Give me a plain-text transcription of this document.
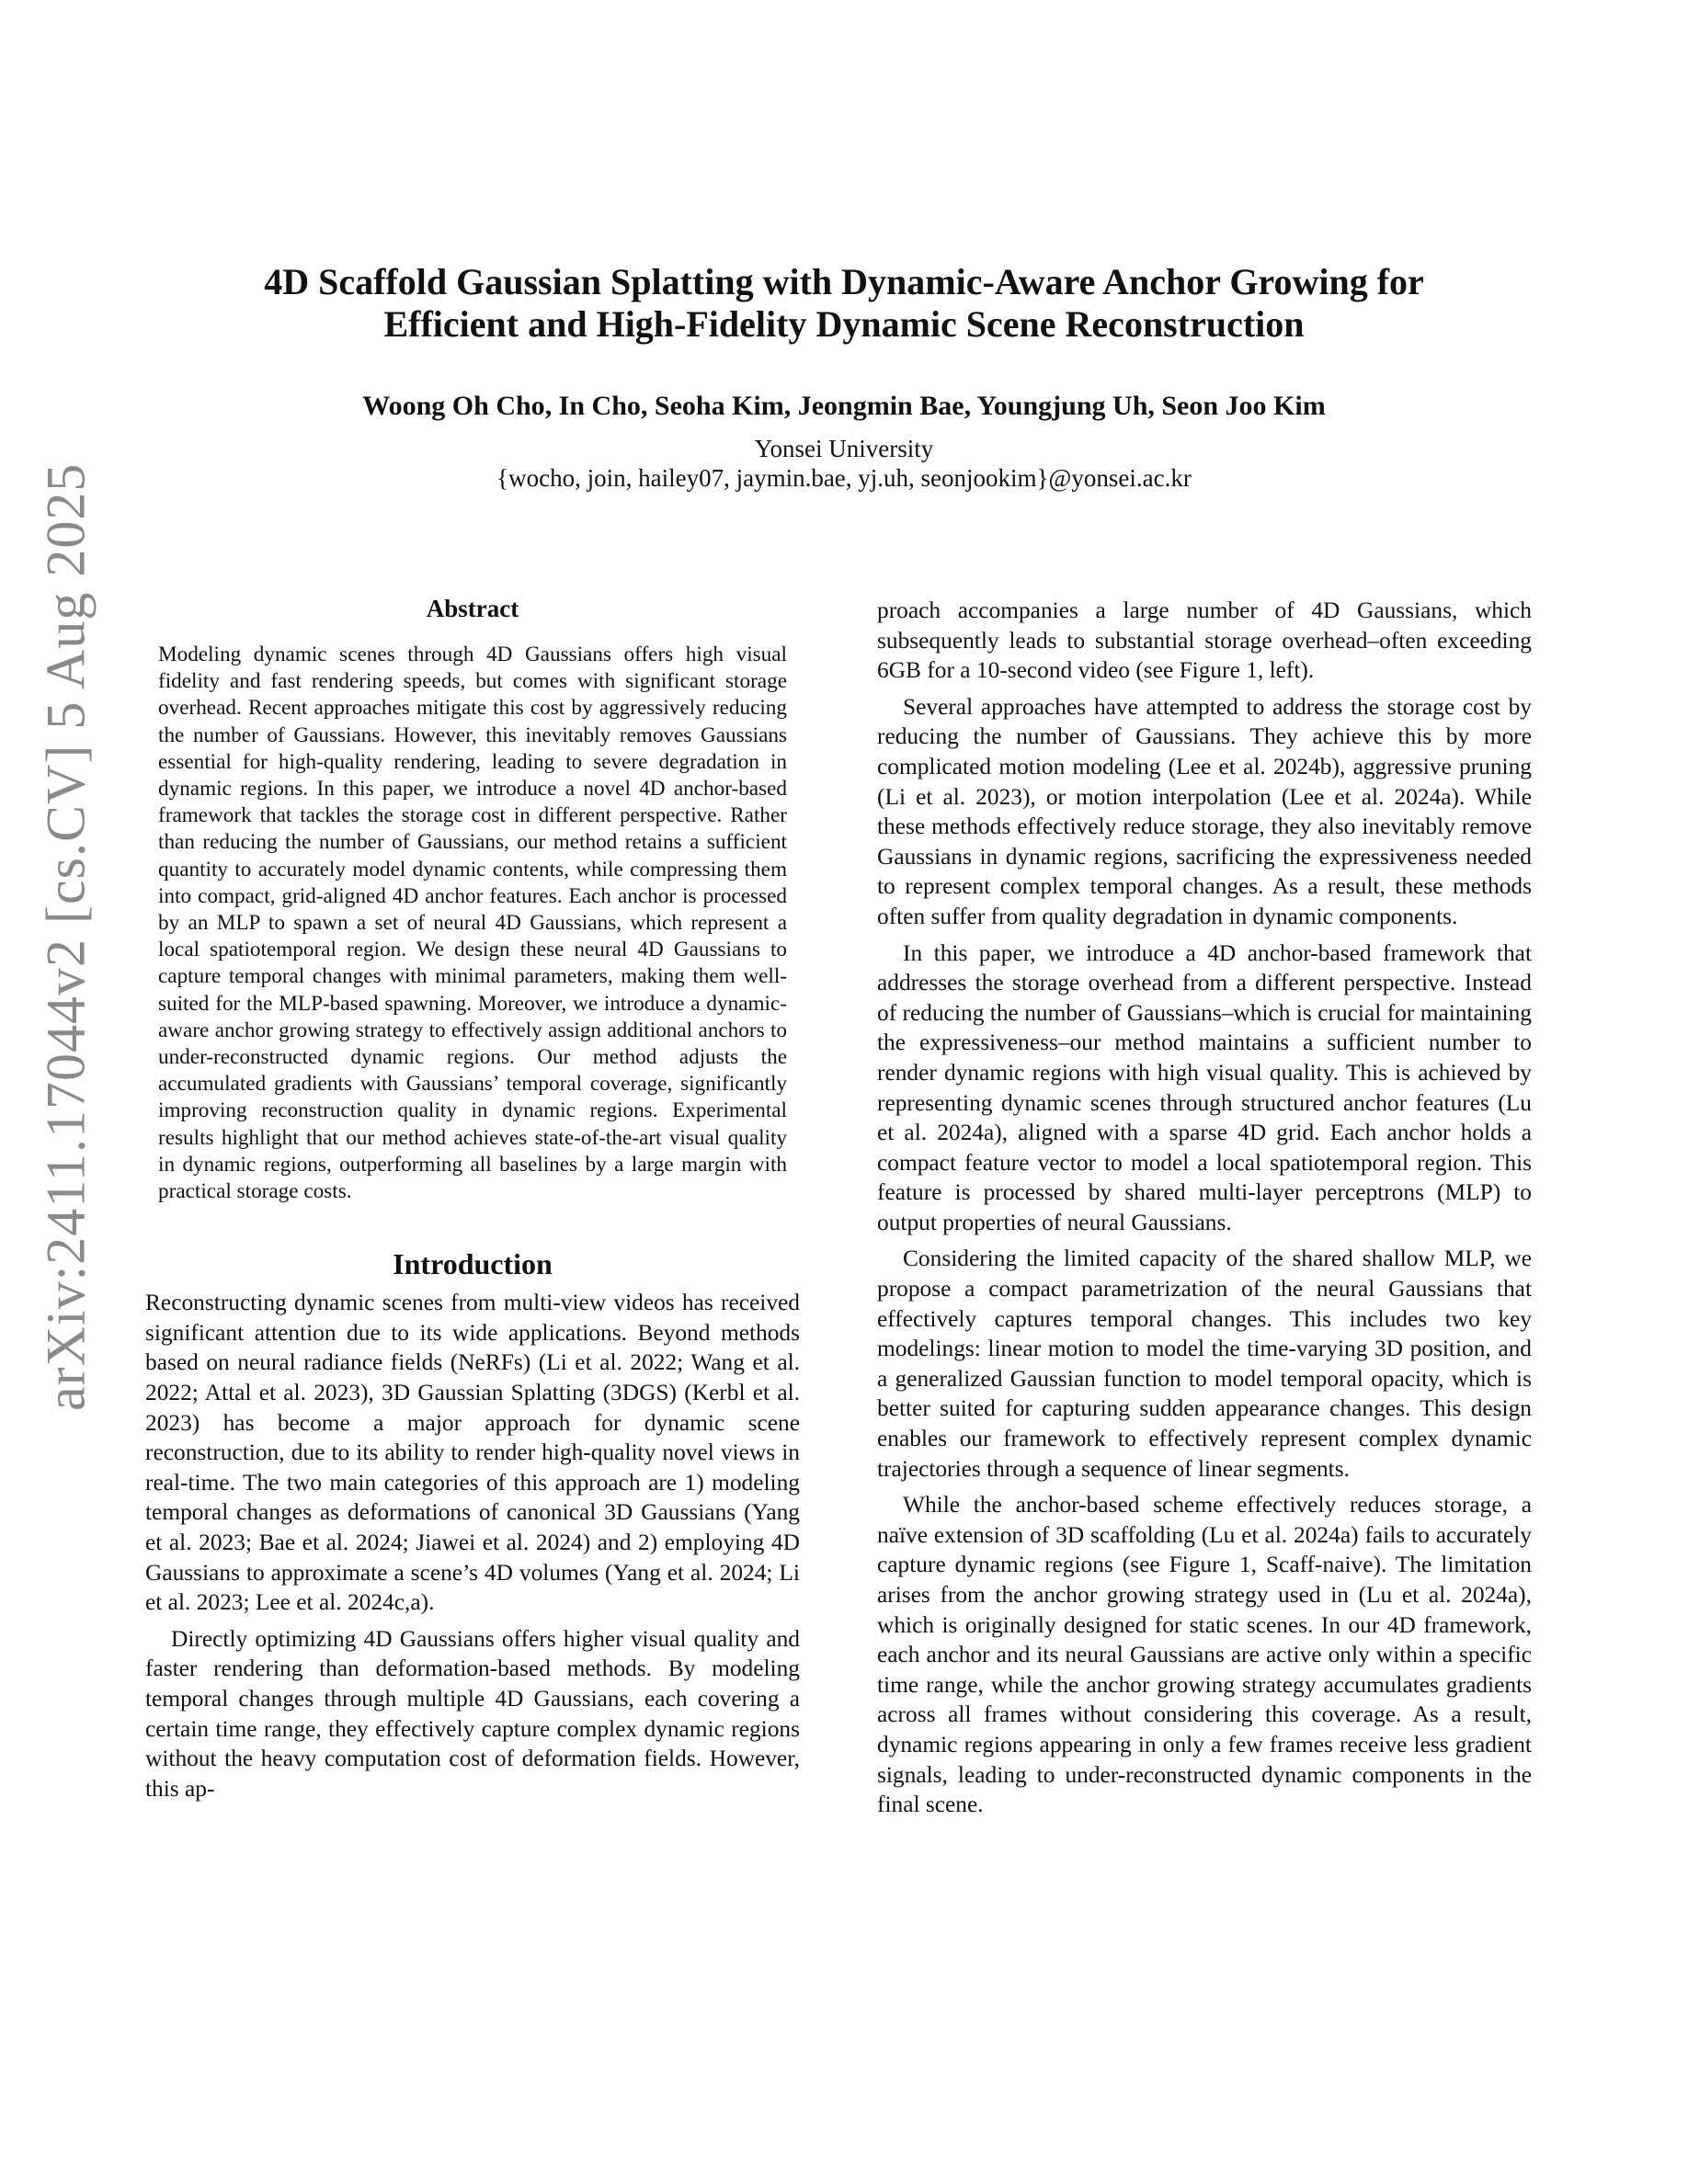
arXiv:2411.17044v2 [cs.CV] 5 Aug 2025
4D Scaffold Gaussian Splatting with Dynamic-Aware Anchor Growing for
Efficient and High-Fidelity Dynamic Scene Reconstruction
Woong Oh Cho, In Cho, Seoha Kim, Jeongmin Bae, Youngjung Uh, Seon Joo Kim
Yonsei University
{wocho, join, hailey07, jaymin.bae, yj.uh, seonjookim}@yonsei.ac.kr
Abstract

Modeling dynamic scenes through 4D Gaussians offers high visual fidelity and fast rendering speeds, but comes with significant storage overhead. Recent approaches mitigate this cost by aggressively reducing the number of Gaussians. However, this inevitably removes Gaussians essential for high-quality rendering, leading to severe degradation in dynamic regions. In this paper, we introduce a novel 4D anchor-based framework that tackles the storage cost in different perspective. Rather than reducing the number of Gaussians, our method retains a sufficient quantity to accurately model dynamic contents, while compressing them into compact, grid-aligned 4D anchor features. Each anchor is processed by an MLP to spawn a set of neural 4D Gaussians, which represent a local spatiotemporal region. We design these neural 4D Gaussians to capture temporal changes with minimal parameters, making them well-suited for the MLP-based spawning. Moreover, we introduce a dynamic-aware anchor growing strategy to effectively assign additional anchors to under-reconstructed dynamic regions. Our method adjusts the accumulated gradients with Gaussians’ temporal coverage, significantly improving reconstruction quality in dynamic regions. Experimental results highlight that our method achieves state-of-the-art visual quality in dynamic regions, outperforming all baselines by a large margin with practical storage costs.

Introduction

Reconstructing dynamic scenes from multi-view videos has received significant attention due to its wide applications. Beyond methods based on neural radiance fields (NeRFs) (Li et al. 2022; Wang et al. 2022; Attal et al. 2023), 3D Gaussian Splatting (3DGS) (Kerbl et al. 2023) has become a major approach for dynamic scene reconstruction, due to its ability to render high-quality novel views in real-time. The two main categories of this approach are 1) modeling temporal changes as deformations of canonical 3D Gaussians (Yang et al. 2023; Bae et al. 2024; Jiawei et al. 2024) and 2) employing 4D Gaussians to approximate a scene’s 4D volumes (Yang et al. 2024; Li et al. 2023; Lee et al. 2024c,a).

Directly optimizing 4D Gaussians offers higher visual quality and faster rendering than deformation-based methods. By modeling temporal changes through multiple 4D Gaussians, each covering a certain time range, they effectively capture complex dynamic regions without the heavy computation cost of deformation fields. However, this ap-

proach accompanies a large number of 4D Gaussians, which subsequently leads to substantial storage overhead–often exceeding 6GB for a 10-second video (see Figure 1, left).

Several approaches have attempted to address the storage cost by reducing the number of Gaussians. They achieve this by more complicated motion modeling (Lee et al. 2024b), aggressive pruning (Li et al. 2023), or motion interpolation (Lee et al. 2024a). While these methods effectively reduce storage, they also inevitably remove Gaussians in dynamic regions, sacrificing the expressiveness needed to represent complex temporal changes. As a result, these methods often suffer from quality degradation in dynamic components.

In this paper, we introduce a 4D anchor-based framework that addresses the storage overhead from a different perspective. Instead of reducing the number of Gaussians–which is crucial for maintaining the expressiveness–our method maintains a sufficient number to render dynamic regions with high visual quality. This is achieved by representing dynamic scenes through structured anchor features (Lu et al. 2024a), aligned with a sparse 4D grid. Each anchor holds a compact feature vector to model a local spatiotemporal region. This feature is processed by shared multi-layer perceptrons (MLP) to output properties of neural Gaussians.

Considering the limited capacity of the shared shallow MLP, we propose a compact parametrization of the neural Gaussians that effectively captures temporal changes. This includes two key modelings: linear motion to model the time-varying 3D position, and a generalized Gaussian function to model temporal opacity, which is better suited for capturing sudden appearance changes. This design enables our framework to effectively represent complex dynamic trajectories through a sequence of linear segments.

While the anchor-based scheme effectively reduces storage, a naïve extension of 3D scaffolding (Lu et al. 2024a) fails to accurately capture dynamic regions (see Figure 1, Scaff-naive). The limitation arises from the anchor growing strategy used in (Lu et al. 2024a), which is originally designed for static scenes. In our 4D framework, each anchor and its neural Gaussians are active only within a specific time range, while the anchor growing strategy accumulates gradients across all frames without considering this coverage. As a result, dynamic regions appearing in only a few frames receive less gradient signals, leading to under-reconstructed dynamic components in the final scene.
